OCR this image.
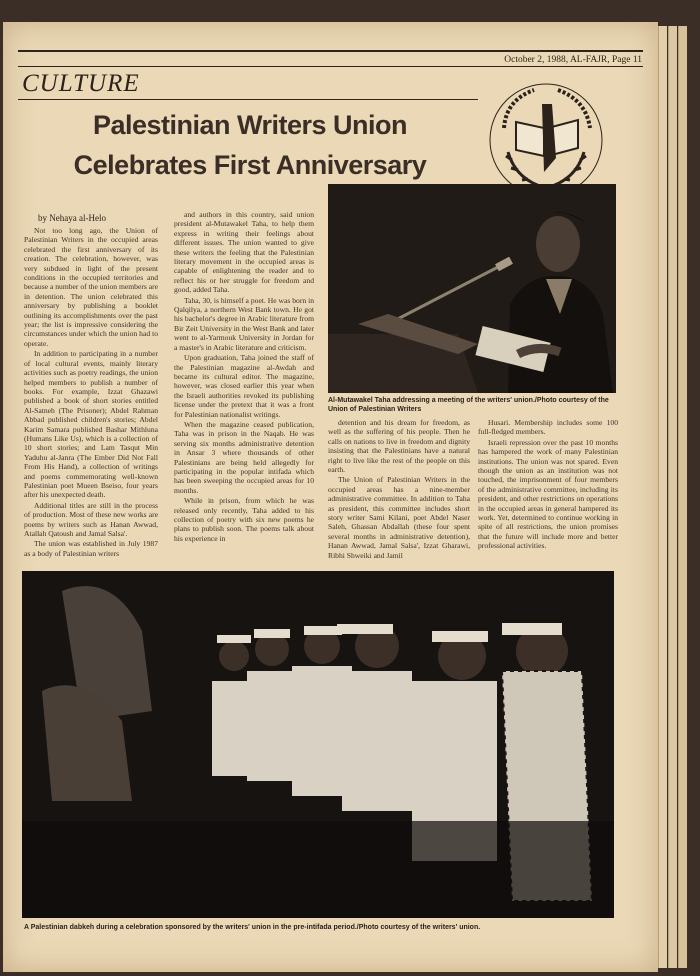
October 2, 1988, AL-FAJR, Page 11
CULTURE
Palestinian Writers Union
Celebrates First Anniversary
by Nehaya al-Helo

Not too long ago, the Union of Palestinian Writers in the occupied areas celebrated the first anniversary of its creation. The celebration, however, was very subdued in light of the present conditions in the occupied territories and because a number of the union members are in detention. The union celebrated this anniversary by publishing a booklet outlining its accomplishments over the past year; the list is impressive considering the circumstances under which the union had to operate.

In addition to participating in a number of local cultural events, mainly literary activities such as poetry readings, the union helped members to publish a number of books. For example, Izzat Ghazawi published a book of short stories entitled Al-Satneh (The Prisoner); Abdel Rahman Abbad published children's stories; Abdel Karim Samara published Bashar Mithluna (Humans Like Us), which is a collection of 10 short stories; and Lam Tasqut Min Yaduhu al-Janra (The Ember Did Not Fall From His Hand), a collection of writings and poems commemorating well-known Palestinian poet Mueen Bseiso, four years after his unexpected death.

Additional titles are still in the process of production. Most of these new works are poems by writers such as Hanan Awwad, Atallah Qatoush and Jamal Salsa'.

The union was established in July 1987 as a body of Palestinian writers

and authors in this country, said union president al-Mutawakel Taha, to help them express in writing their feelings about different issues. The union wanted to give these writers the feeling that the Palestinian literary movement in the occupied areas is capable of enlightening the reader and to reflect his or her struggle for freedom and good, added Taha.

Taha, 30, is himself a poet. He was born in Qalqilya, a northern West Bank town. He got his bachelor's degree in Arabic literature from Bir Zeit University in the West Bank and later went to al-Yarmouk University in Jordan for a master's in Arabic literature and criticism.

Upon graduation, Taha joined the staff of the Palestinian magazine al-Awdah and became its cultural editor. The magazine, however, was closed earlier this year when the Israeli authorities revoked its publishing license under the pretext that it was a front for Palestinian nationalist writings.

When the magazine ceased publication, Taha was in prison in the Naqab. He was serving six months administrative detention in Ansar 3 where thousands of other Palestinians are being held allegedly for participating in the popular intifada which has been sweeping the occupied areas for 10 months.

While in prison, from which he was released only recently, Taha added to his collection of poetry with six new poems he plans to publish soon. The poems talk about his experience in

Al-Mutawakel Taha addressing a meeting of the writers' union./Photo courtesy of the Union of Palestinian Writers

detention and his dream for freedom, as well as the suffering of his people. Then he calls on nations to live in freedom and dignity insisting that the Palestinians have a natural right to live like the rest of the people on this earth.

The Union of Palestinian Writers in the occupied areas has a nine-member administrative committee. In addition to Taha as president, this committee includes short story writer Sami Kilani, poet Abdel Naser Saleh, Ghassan Abdallah (these four spent several months in administrative detention), Hanan Awwad, Jamal Salsa', Izzat Gharawi, Ribhi Shweiki and Jamil

Husari. Membership includes some 100 full-fledged members.

Israeli repression over the past 10 months has hampered the work of many Palestinian institutions. The union was not spared. Even though the union as an institution was not touched, the imprisonment of four members of the administrative committee, including its president, and other restrictions on operations in the occupied areas in general hampered its work. Yet, determined to continue working in spite of all restrictions, the union promises that the future will include more and better professional activities.

A Palestinian dabkeh during a celebration sponsored by the writers' union in the pre-intifada period./Photo courtesy of the writers' union.
